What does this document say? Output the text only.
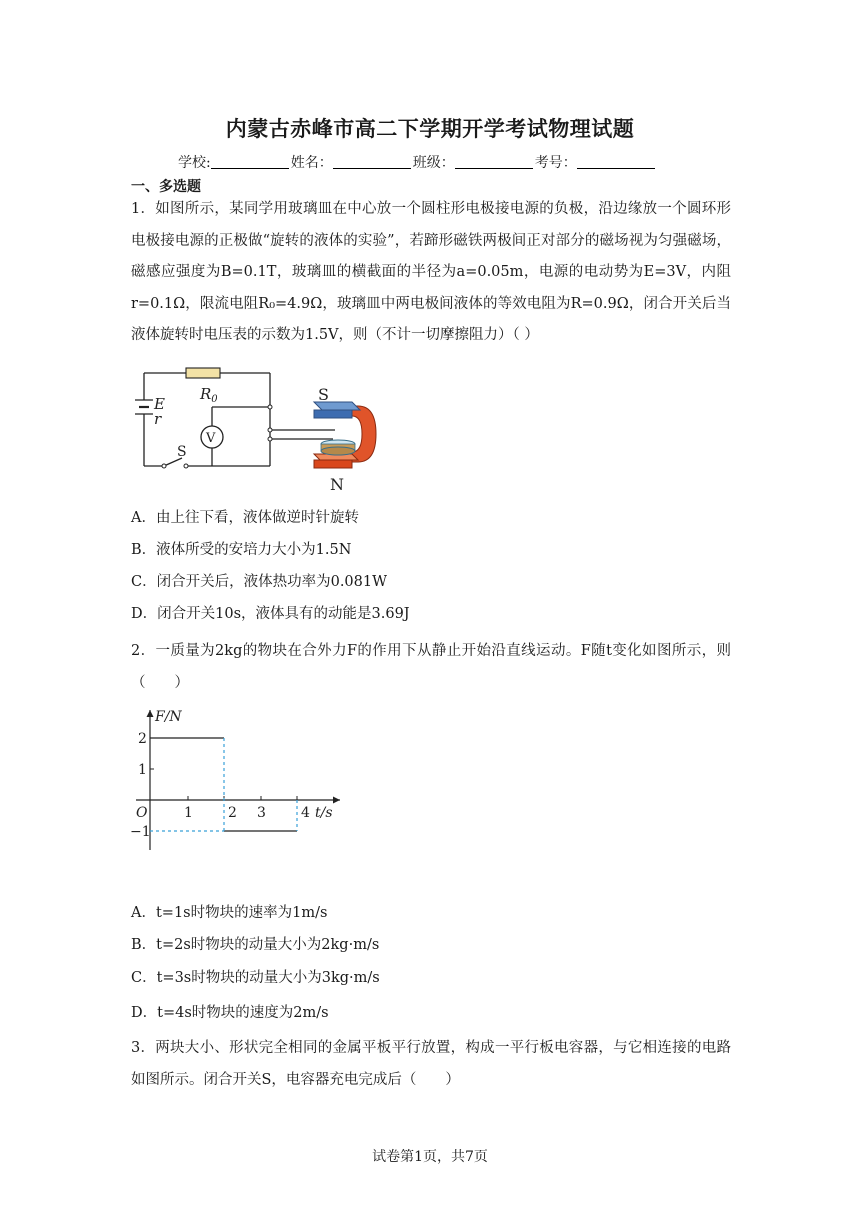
内蒙古赤峰市高二下学期开学考试物理试题
学校:	姓名：	班级：	考号：
一、多选题
1．如图所示，某同学用玻璃皿在中心放一个圆柱形电极接电源的负极，沿边缘放一个圆环形电极接电源的正极做“旋转的液体的实验”，若蹄形磁铁两极间正对部分的磁场视为匀强磁场，磁感应强度为B=0.1T，玻璃皿的横截面的半径为a=0.05m，电源的电动势为E=3V，内阻r=0.1Ω，限流电阻R₀=4.9Ω，玻璃皿中两电极间液体的等效电阻为R=0.9Ω，闭合开关后当液体旋转时电压表的示数为1.5V，则（不计一切摩擦阻力）（ ）
$R_0$
E
r
V
S
S
N
A．由上往下看，液体做逆时针旋转
B．液体所受的安培力大小为1.5N
C．闭合开关后，液体热功率为0.081W
D．闭合开关10s，液体具有的动能是3.69J
2．一质量为2kg的物块在合外力F的作用下从静止开始沿直线运动。F随t变化如图所示，则（　　）
F/N
t/s
O	1	2 3	4
2
1
−1
A．t=1s时物块的速率为1m/s
B．t=2s时物块的动量大小为2kg·m/s
C．t=3s时物块的动量大小为3kg·m/s
D．t=4s时物块的速度为2m/s
3．两块大小、形状完全相同的金属平板平行放置，构成一平行板电容器，与它相连接的电路如图所示。闭合开关S，电容器充电完成后（　　）
试卷第1页，共7页
